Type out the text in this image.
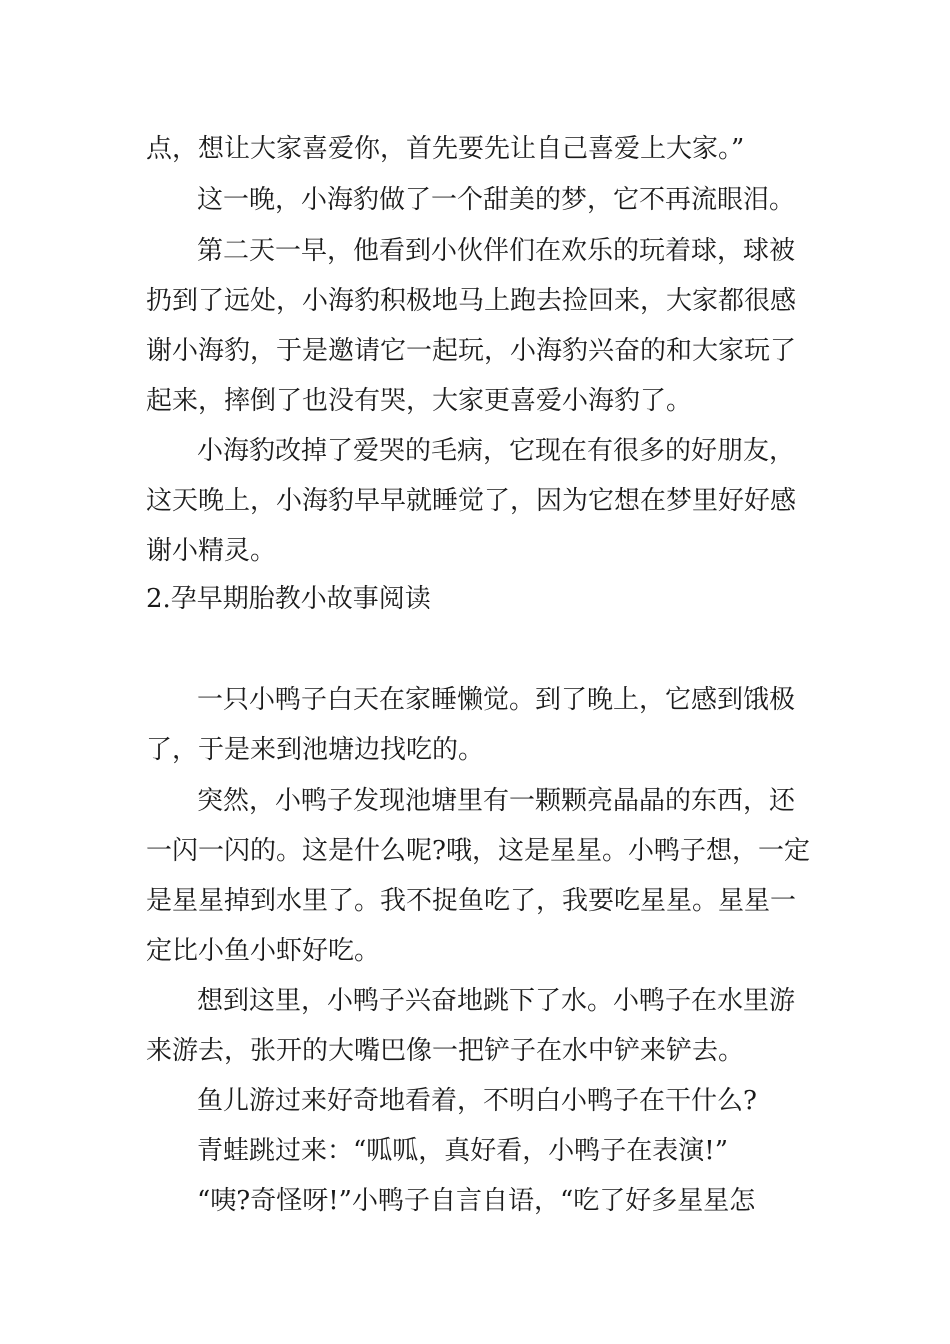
点，想让大家喜爱你，首先要先让自己喜爱上大家。”
这一晚，小海豹做了一个甜美的梦，它不再流眼泪。
第二天一早，他看到小伙伴们在欢乐的玩着球，球被
扔到了远处，小海豹积极地马上跑去捡回来，大家都很感
谢小海豹，于是邀请它一起玩，小海豹兴奋的和大家玩了
起来，摔倒了也没有哭，大家更喜爱小海豹了。
小海豹改掉了爱哭的毛病，它现在有很多的好朋友，
这天晚上，小海豹早早就睡觉了，因为它想在梦里好好感
谢小精灵。
2.孕早期胎教小故事阅读
一只小鸭子白天在家睡懒觉。到了晚上，它感到饿极
了，于是来到池塘边找吃的。
突然，小鸭子发现池塘里有一颗颗亮晶晶的东西，还
一闪一闪的。这是什么呢?哦，这是星星。小鸭子想，一定
是星星掉到水里了。我不捉鱼吃了，我要吃星星。星星一
定比小鱼小虾好吃。
想到这里，小鸭子兴奋地跳下了水。小鸭子在水里游
来游去，张开的大嘴巴像一把铲子在水中铲来铲去。
鱼儿游过来好奇地看着，不明白小鸭子在干什么?
青蛙跳过来：“呱呱，真好看，小鸭子在表演!”
“咦?奇怪呀!”小鸭子自言自语，“吃了好多星星怎
